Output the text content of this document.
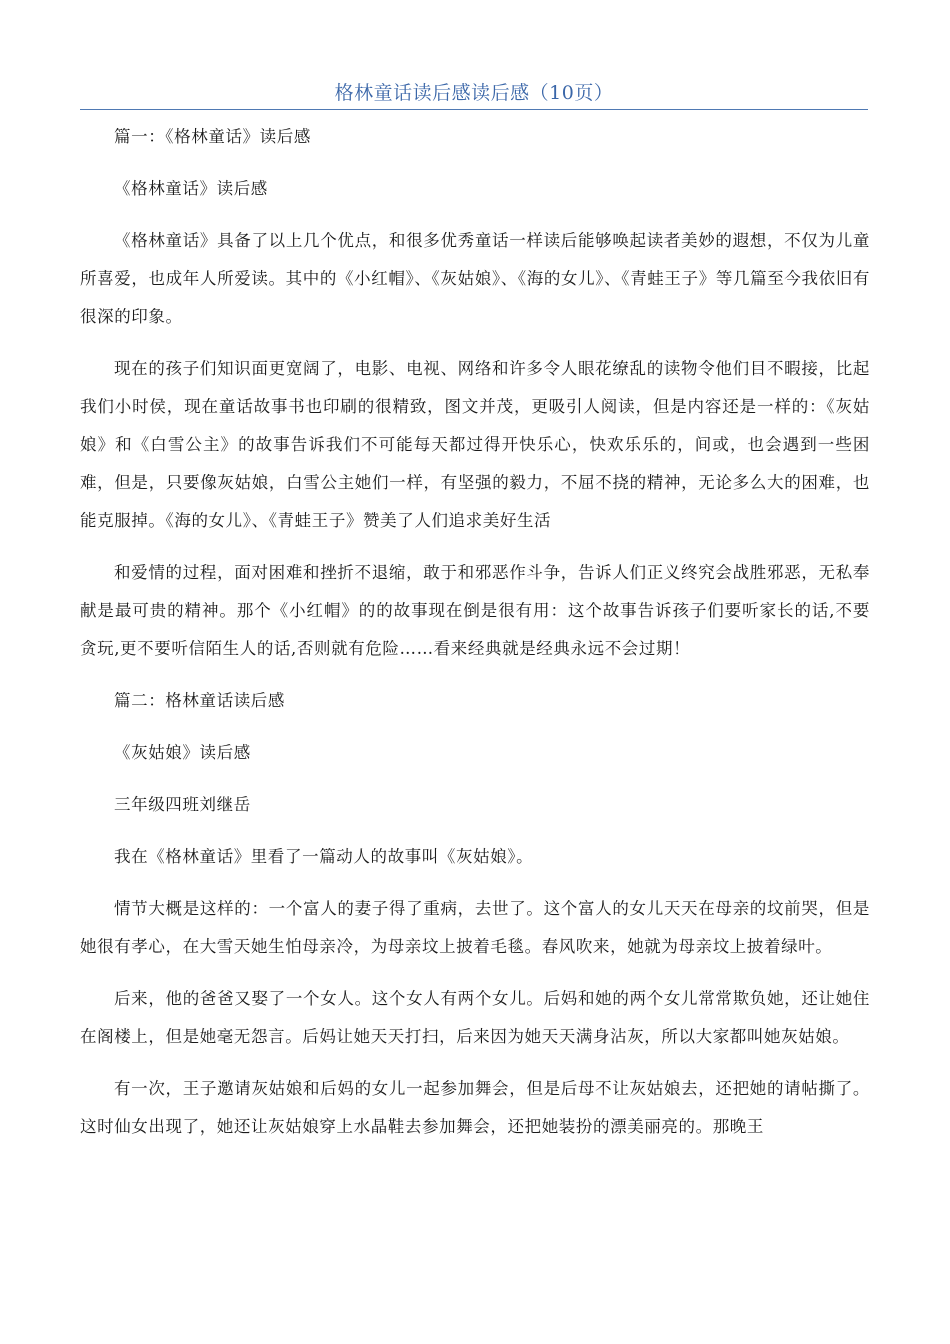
格林童话读后感读后感（10页）

篇一：《格林童话》读后感

《格林童话》读后感

《格林童话》具备了以上几个优点，和很多优秀童话一样读后能够唤起读者美妙的遐想，不仅为儿童所喜爱，也成年人所爱读。其中的《小红帽》、《灰姑娘》、《海的女儿》、《青蛙王子》等几篇至今我依旧有很深的印象。

现在的孩子们知识面更宽阔了，电影、电视、网络和许多令人眼花缭乱的读物令他们目不暇接，比起我们小时侯，现在童话故事书也印刷的很精致，图文并茂，更吸引人阅读，但是内容还是一样的：《灰姑娘》和《白雪公主》的故事告诉我们不可能每天都过得开快乐心，快欢乐乐的，间或，也会遇到一些困难，但是，只要像灰姑娘，白雪公主她们一样，有坚强的毅力，不屈不挠的精神，无论多么大的困难，也能克服掉。《海的女儿》、《青蛙王子》赞美了人们追求美好生活

和爱情的过程，面对困难和挫折不退缩，敢于和邪恶作斗争，告诉人们正义终究会战胜邪恶，无私奉献是最可贵的精神。那个《小红帽》的的故事现在倒是很有用：这个故事告诉孩子们要听家长的话,不要贪玩,更不要听信陌生人的话,否则就有危险……看来经典就是经典永远不会过期！

篇二：格林童话读后感

《灰姑娘》读后感

三年级四班刘继岳

我在《格林童话》里看了一篇动人的故事叫《灰姑娘》。

情节大概是这样的：一个富人的妻子得了重病，去世了。这个富人的女儿天天在母亲的坟前哭，但是她很有孝心，在大雪天她生怕母亲冷，为母亲坟上披着毛毯。春风吹来，她就为母亲坟上披着绿叶。

后来，他的爸爸又娶了一个女人。这个女人有两个女儿。后妈和她的两个女儿常常欺负她，还让她住在阁楼上，但是她毫无怨言。后妈让她天天打扫，后来因为她天天满身沾灰，所以大家都叫她灰姑娘。

有一次，王子邀请灰姑娘和后妈的女儿一起参加舞会，但是后母不让灰姑娘去，还把她的请帖撕了。这时仙女出现了，她还让灰姑娘穿上水晶鞋去参加舞会，还把她装扮的漂美丽亮的。那晚王
